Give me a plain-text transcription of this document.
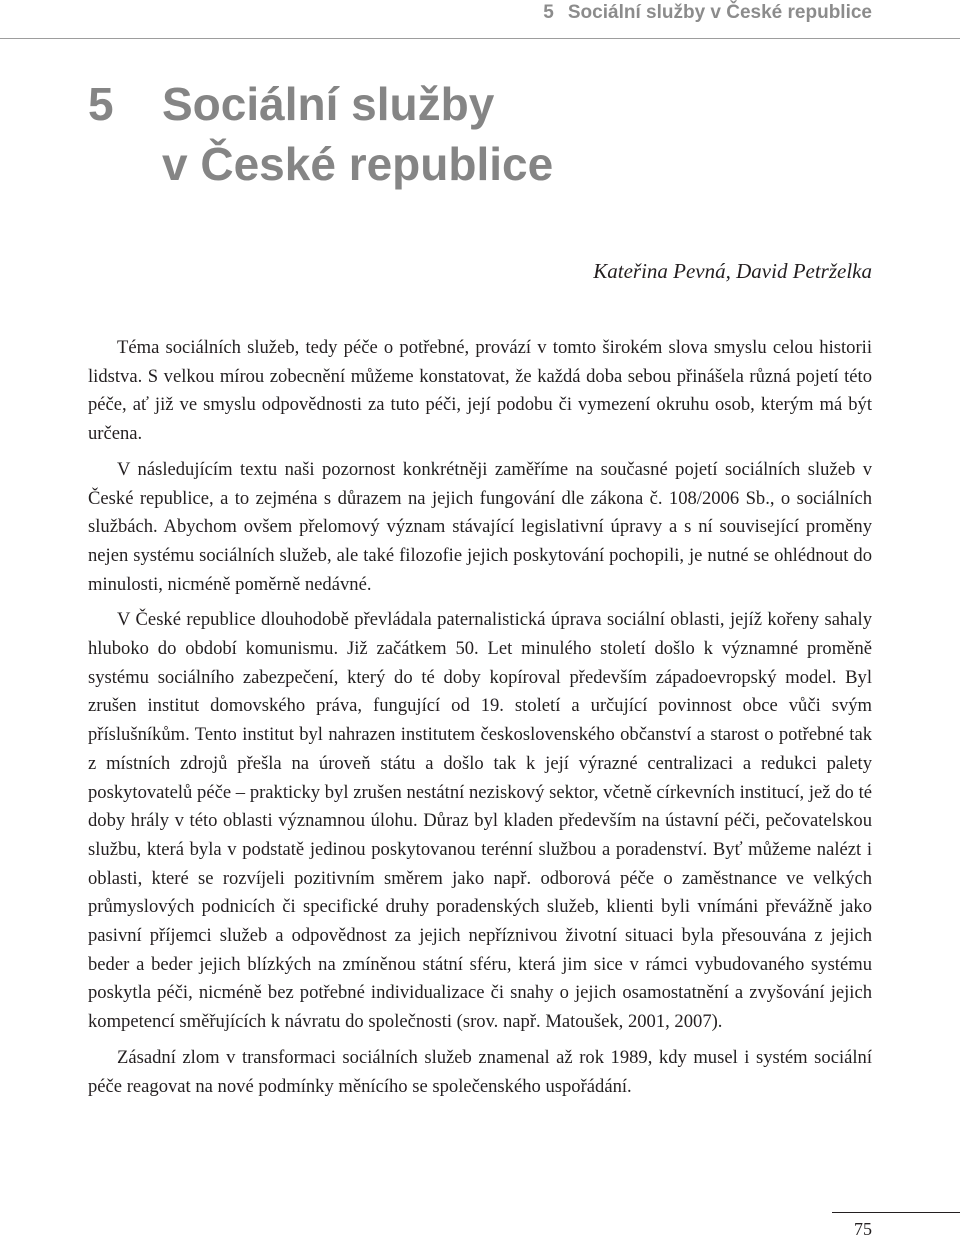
5 Sociální služby v České republice
5 Sociální služby
v České republice
Kateřina Pevná, David Petrželka

Téma sociálních služeb, tedy péče o potřebné, provází v tomto širokém slova smyslu celou historii lidstva. S velkou mírou zobecnění můžeme konstatovat, že každá doba sebou přinášela různá pojetí této péče, ať již ve smyslu odpovědnosti za tuto péči, její podobu či vymezení okruhu osob, kterým má být určena.

V následujícím textu naši pozornost konkrétněji zaměříme na současné pojetí sociálních služeb v České republice, a to zejména s důrazem na jejich fungování dle zákona č. 108/2006 Sb., o sociálních službách. Abychom ovšem přelomový význam stávající legislativní úpravy a s ní související proměny nejen systému sociálních služeb, ale také filozofie jejich poskytování pochopili, je nutné se ohlédnout do minulosti, nicméně poměrně nedávné.

V České republice dlouhodobě převládala paternalistická úprava sociální oblasti, jejíž kořeny sahaly hluboko do období komunismu. Již začátkem 50. Let minulého století došlo k významné proměně systému sociálního zabezpečení, který do té doby kopíroval především západoevropský model. Byl zrušen institut domovského práva, fungující od 19. století a určující povinnost obce vůči svým příslušníkům. Tento institut byl nahrazen institutem československého občanství a starost o potřebné tak z místních zdrojů přešla na úroveň státu a došlo tak k její výrazné centralizaci a redukci palety poskytovatelů péče – prakticky byl zrušen nestátní neziskový sektor, včetně církevních institucí, jež do té doby hrály v této oblasti významnou úlohu. Důraz byl kladen především na ústavní péči, pečovatelskou službu, která byla v podstatě jedinou poskytovanou terénní službou a poradenství. Byť můžeme nalézt i oblasti, které se rozvíjeli pozitivním směrem jako např. odborová péče o zaměstnance ve velkých průmyslových podnicích či specifické druhy poradenských služeb, klienti byli vnímáni převážně jako pasivní příjemci služeb a odpovědnost za jejich nepříznivou životní situaci byla přesouvána z jejich beder a beder jejich blízkých na zmíněnou státní sféru, která jim sice v rámci vybudovaného systému poskytla péči, nicméně bez potřebné individualizace či snahy o jejich osamostatnění a zvyšování jejich kompetencí směřujících k návratu do společnosti (srov. např. Matoušek, 2001, 2007).

Zásadní zlom v transformaci sociálních služeb znamenal až rok 1989, kdy musel i systém sociální péče reagovat na nové podmínky měnícího se společenského uspořádání.

75
